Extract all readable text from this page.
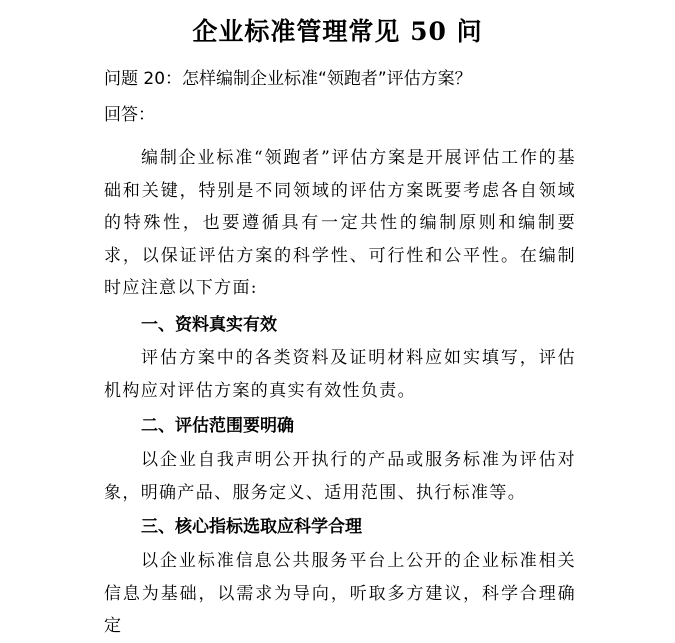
企业标准管理常见 50 问
问题 20：怎样编制企业标准“领跑者”评估方案？
回答：

编制企业标准“领跑者”评估方案是开展评估工作的基础和关键，特别是不同领域的评估方案既要考虑各自领域的特殊性，也要遵循具有一定共性的编制原则和编制要求，以保证评估方案的科学性、可行性和公平性。在编制时应注意以下方面:

一、资料真实有效

评估方案中的各类资料及证明材料应如实填写，评估机构应对评估方案的真实有效性负责。

二、评估范围要明确

以企业自我声明公开执行的产品或服务标准为评估对象，明确产品、服务定义、适用范围、执行标准等。

三、核心指标选取应科学合理

以企业标准信息公共服务平台上公开的企业标准相关信息为基础，以需求为导向，听取多方建议，科学合理确定
